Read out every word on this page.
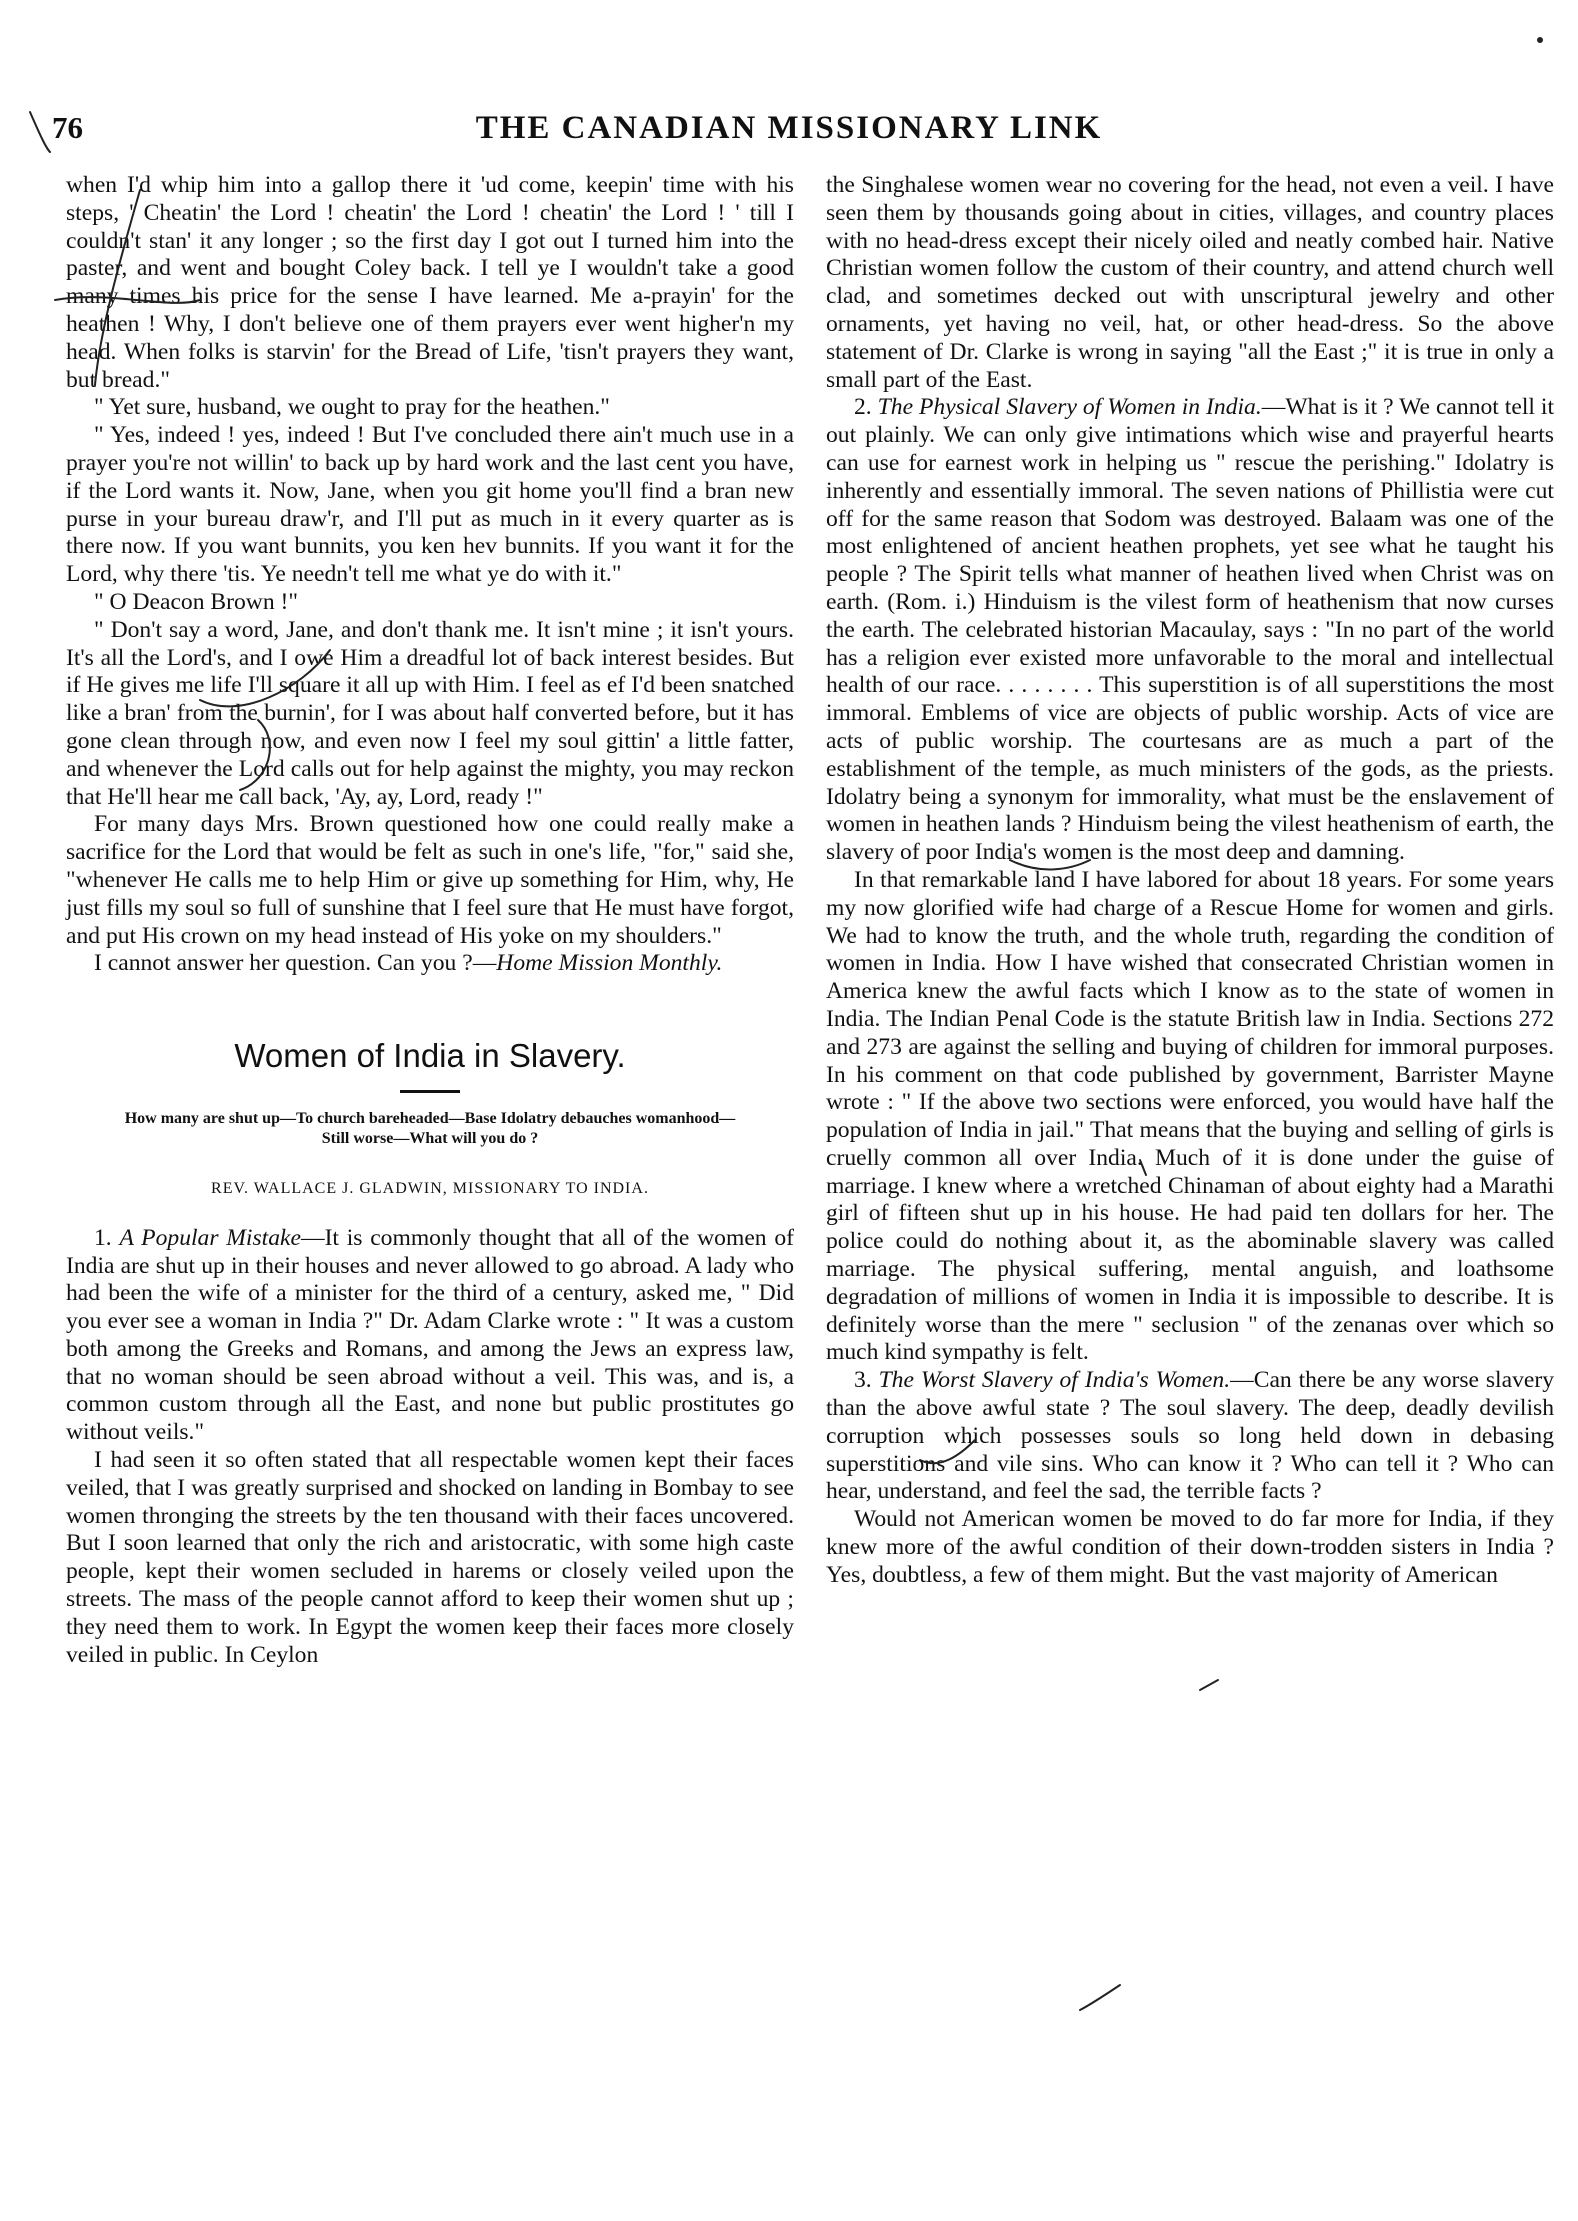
76	THE CANADIAN MISSIONARY LINK

when I'd whip him into a gallop there it 'ud come, keepin' time with his steps, ' Cheatin' the Lord ! cheatin' the Lord ! cheatin' the Lord ! ' till I couldn't stan' it any longer ; so the first day I got out I turned him into the paster, and went and bought Coley back. I tell ye I wouldn't take a good many times his price for the sense I have learned. Me a-prayin' for the heathen ! Why, I don't believe one of them prayers ever went higher'n my head. When folks is starvin' for the Bread of Life, 'tisn't prayers they want, but bread."

" Yet sure, husband, we ought to pray for the heathen."

" Yes, indeed ! yes, indeed ! But I've concluded there ain't much use in a prayer you're not willin' to back up by hard work and the last cent you have, if the Lord wants it. Now, Jane, when you git home you'll find a bran new purse in your bureau draw'r, and I'll put as much in it every quarter as is there now. If you want bunnits, you ken hev bunnits. If you want it for the Lord, why there 'tis. Ye needn't tell me what ye do with it."

" O Deacon Brown !"

" Don't say a word, Jane, and don't thank me. It isn't mine ; it isn't yours. It's all the Lord's, and I owe Him a dreadful lot of back interest besides. But if He gives me life I'll square it all up with Him. I feel as ef I'd been snatched like a bran' from the burnin', for I was about half converted before, but it has gone clean through now, and even now I feel my soul gittin' a little fatter, and whenever the Lord calls out for help against the mighty, you may reckon that He'll hear me call back, 'Ay, ay, Lord, ready !"

For many days Mrs. Brown questioned how one could really make a sacrifice for the Lord that would be felt as such in one's life, "for," said she, "whenever He calls me to help Him or give up something for Him, why, He just fills my soul so full of sunshine that I feel sure that He must have forgot, and put His crown on my head instead of His yoke on my shoulders."

I cannot answer her question. Can you ?—Home Mission Monthly.

Women of India in Slavery.
How many are shut up—To church bareheaded—Base Idolatry debauches womanhood—Still worse—What will you do ?
REV. WALLACE J. GLADWIN, MISSIONARY TO INDIA.

1. A Popular Mistake—It is commonly thought that all of the women of India are shut up in their houses and never allowed to go abroad. A lady who had been the wife of a minister for the third of a century, asked me, " Did you ever see a woman in India ?" Dr. Adam Clarke wrote : " It was a custom both among the Greeks and Romans, and among the Jews an express law, that no woman should be seen abroad without a veil. This was, and is, a common custom through all the East, and none but public prostitutes go without veils."

I had seen it so often stated that all respectable women kept their faces veiled, that I was greatly surprised and shocked on landing in Bombay to see women thronging the streets by the ten thousand with their faces uncovered. But I soon learned that only the rich and aristocratic, with some high caste people, kept their women secluded in harems or closely veiled upon the streets. The mass of the people cannot afford to keep their women shut up ; they need them to work. In Egypt the women keep their faces more closely veiled in public. In Ceylon

the Singhalese women wear no covering for the head, not even a veil. I have seen them by thousands going about in cities, villages, and country places with no head-dress except their nicely oiled and neatly combed hair. Native Christian women follow the custom of their country, and attend church well clad, and sometimes decked out with unscriptural jewelry and other ornaments, yet having no veil, hat, or other head-dress. So the above statement of Dr. Clarke is wrong in saying "all the East ;" it is true in only a small part of the East.

2. The Physical Slavery of Women in India.—What is it ? We cannot tell it out plainly. We can only give intimations which wise and prayerful hearts can use for earnest work in helping us " rescue the perishing." Idolatry is inherently and essentially immoral. The seven nations of Phillistia were cut off for the same reason that Sodom was destroyed. Balaam was one of the most enlightened of ancient heathen prophets, yet see what he taught his people ? The Spirit tells what manner of heathen lived when Christ was on earth. (Rom. i.) Hinduism is the vilest form of heathenism that now curses the earth. The celebrated historian Macaulay, says : "In no part of the world has a religion ever existed more unfavorable to the moral and intellectual health of our race. . . . . . . . This superstition is of all superstitions the most immoral. Emblems of vice are objects of public worship. Acts of vice are acts of public worship. The courtesans are as much a part of the establishment of the temple, as much ministers of the gods, as the priests. Idolatry being a synonym for immorality, what must be the enslavement of women in heathen lands ? Hinduism being the vilest heathenism of earth, the slavery of poor India's women is the most deep and damning.

In that remarkable land I have labored for about 18 years. For some years my now glorified wife had charge of a Rescue Home for women and girls. We had to know the truth, and the whole truth, regarding the condition of women in India. How I have wished that consecrated Christian women in America knew the awful facts which I know as to the state of women in India. The Indian Penal Code is the statute British law in India. Sections 272 and 273 are against the selling and buying of children for immoral purposes. In his comment on that code published by government, Barrister Mayne wrote : " If the above two sections were enforced, you would have half the population of India in jail." That means that the buying and selling of girls is cruelly common all over India. Much of it is done under the guise of marriage. I knew where a wretched Chinaman of about eighty had a Marathi girl of fifteen shut up in his house. He had paid ten dollars for her. The police could do nothing about it, as the abominable slavery was called marriage. The physical suffering, mental anguish, and loathsome degradation of millions of women in India it is impossible to describe. It is definitely worse than the mere " seclusion " of the zenanas over which so much kind sympathy is felt.

3. The Worst Slavery of India's Women.—Can there be any worse slavery than the above awful state ? The soul slavery. The deep, deadly devilish corruption which possesses souls so long held down in debasing superstitions and vile sins. Who can know it ? Who can tell it ? Who can hear, understand, and feel the sad, the terrible facts ?

Would not American women be moved to do far more for India, if they knew more of the awful condition of their down-trodden sisters in India ? Yes, doubtless, a few of them might. But the vast majority of American
